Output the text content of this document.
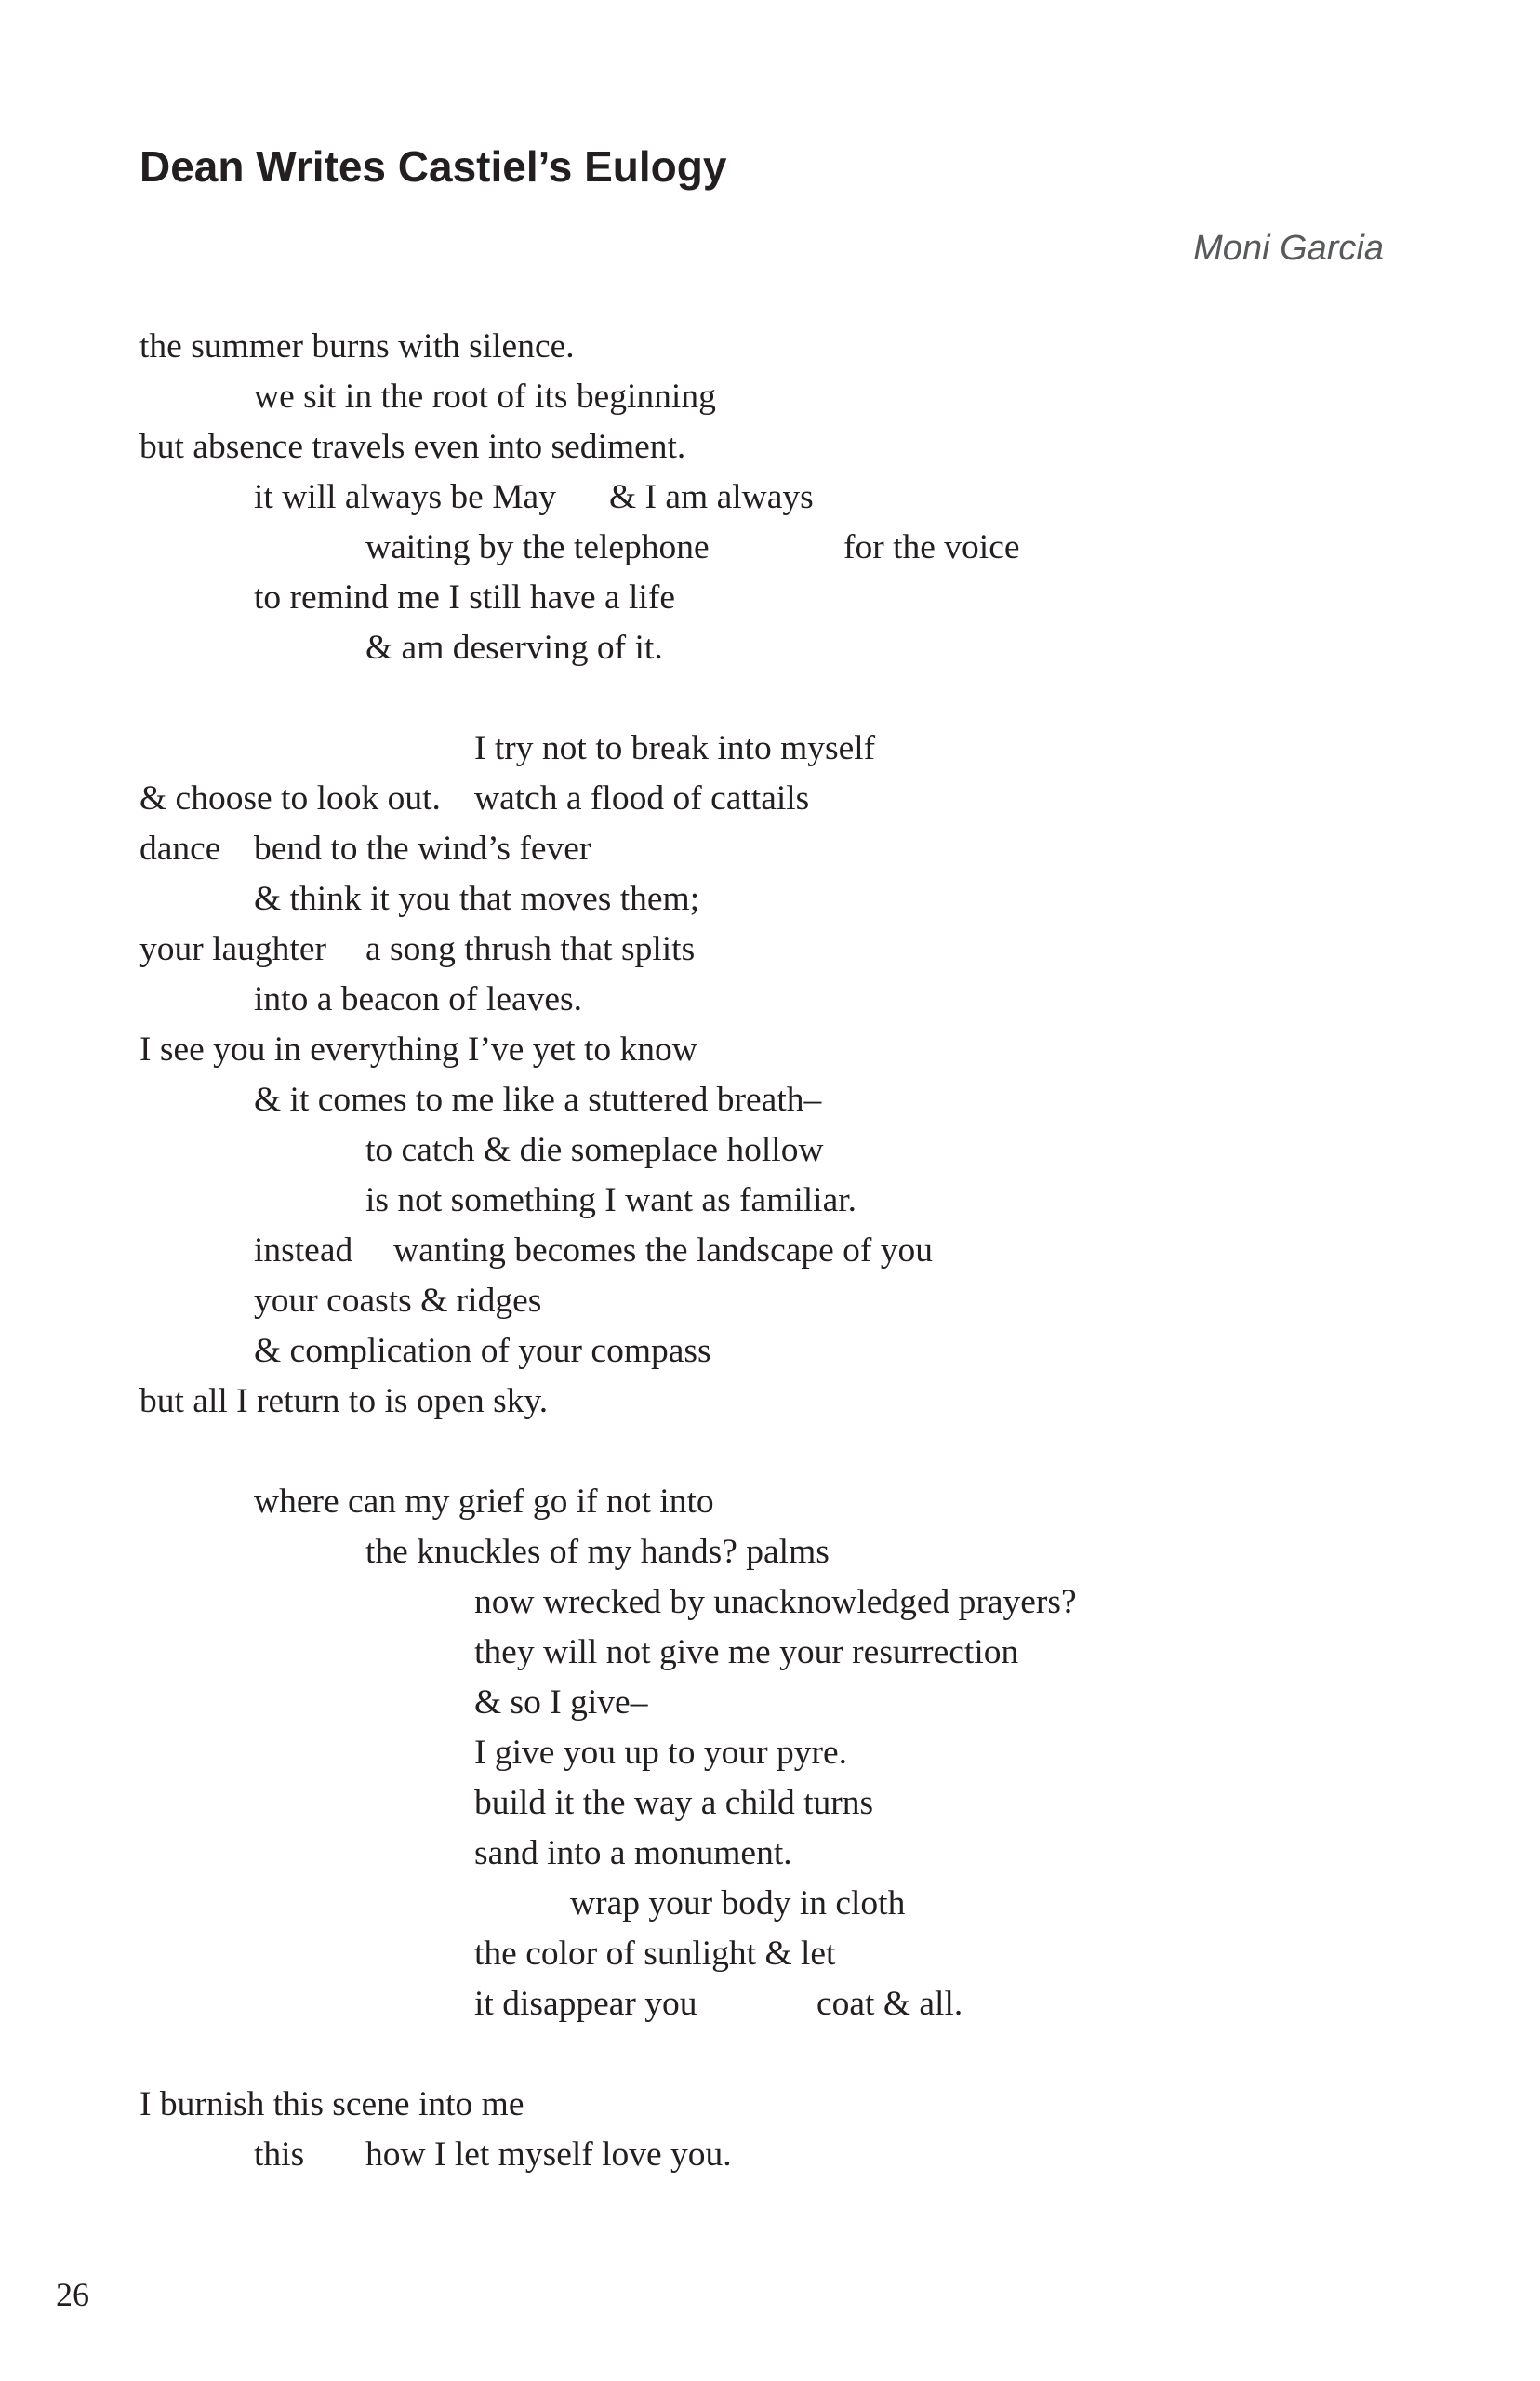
Dean Writes Castiel’s Eulogy
Moni Garcia
the summer burns with silence.
we sit in the root of its beginning
but absence travels even into sediment.
it will always be May & I am always
waiting by the telephone	for the voice
to remind me I still have a life
& am deserving of it.
I try not to break into myself
& choose to look out. watch a flood of cattails
dance bend to the wind’s fever
& think it you that moves them;
your laughter a song thrush that splits
into a beacon of leaves.
I see you in everything I’ve yet to know
& it comes to me like a stuttered breath–
to catch & die someplace hollow
is not something I want as familiar.
instead wanting becomes the landscape of you
your coasts & ridges
& complication of your compass
but all I return to is open sky.
where can my grief go if not into
the knuckles of my hands? palms
now wrecked by unacknowledged prayers?
they will not give me your resurrection
& so I give–
I give you up to your pyre.
build it the way a child turns
sand into a monument.
wrap your body in cloth
the color of sunlight & let
it disappear you	coat & all.
I burnish this scene into me
this how I let myself love you.
26
